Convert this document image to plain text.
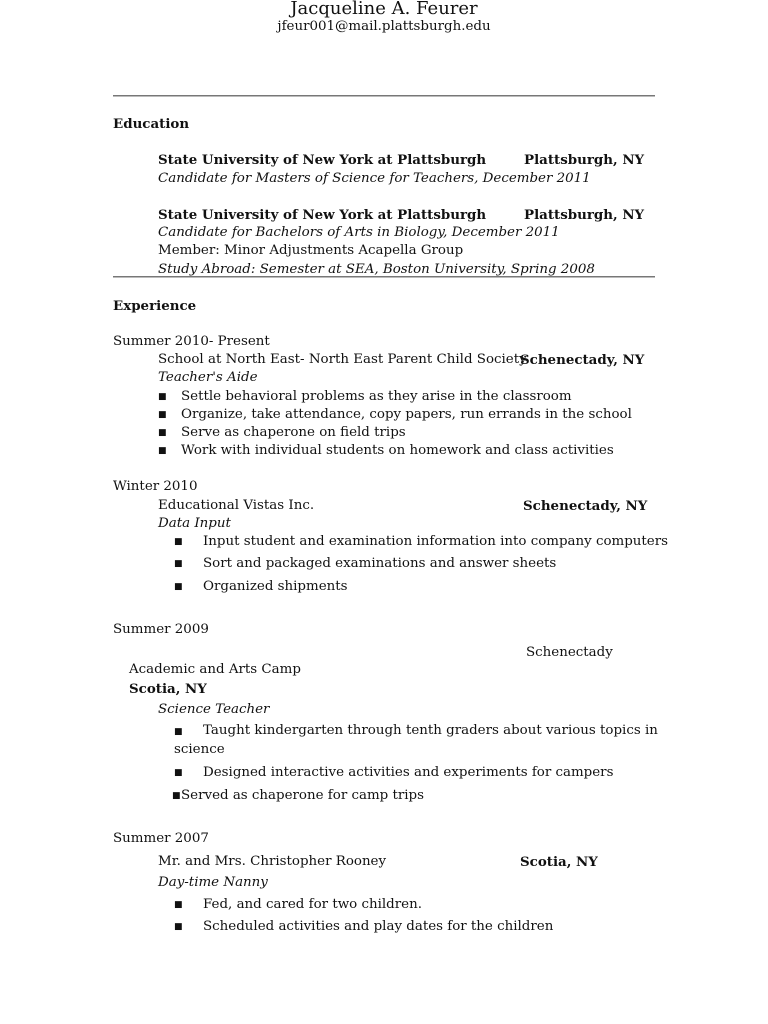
Jacqueline A. Feurer
jfeur001@mail.plattsburgh.edu
Education
State University of New York at Plattsburgh	Plattsburgh, NY
Candidate for Masters of Science for Teachers, December 2011
State University of New York at Plattsburgh	Plattsburgh, NY
Candidate for Bachelors of Arts in Biology, December 2011
Member: Minor Adjustments Acapella Group
Study Abroad: Semester at SEA, Boston University, Spring 2008
Experience
Summer 2010- Present
School at North East- North East Parent Child Society
Schenectady, NY
Teacher's Aide
■ Settle behavioral problems as they arise in the classroom
■ Organize, take attendance, copy papers, run errands in the school
■ Serve as chaperone on field trips
■ Work with individual students on homework and class activities
Winter 2010
Educational Vistas Inc.	Schenectady, NY
Data Input
■ Input student and examination information into company computers
■ Sort and packaged examinations and answer sheets
■ Organized shipments
Summer 2009
Schenectady
Academic and Arts Camp
Scotia, NY
Science Teacher
■ Taught kindergarten through tenth graders about various topics in
science
■ Designed interactive activities and experiments for campers
■ Served as chaperone for camp trips
Summer 2007
Mr. and Mrs. Christopher Rooney	Scotia, NY
Day-time Nanny
■ Fed, and cared for two children.
■ Scheduled activities and play dates for the children
